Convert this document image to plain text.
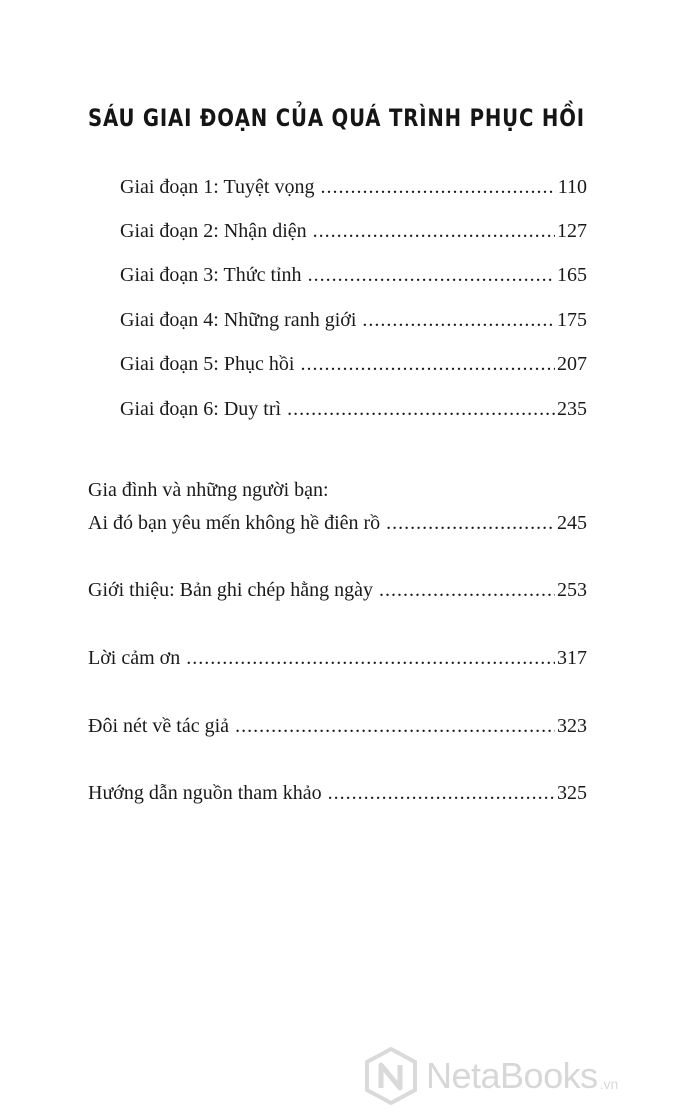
SÁU GIAI ĐOẠN CỦA QUÁ TRÌNH PHỤC HỒI
Giai đoạn 1: Tuyệt vọng .....	110
Giai đoạn 2: Nhận diện .....	127
Giai đoạn 3: Thức tỉnh .....	165
Giai đoạn 4: Những ranh giới .....	175
Giai đoạn 5: Phục hồi .....	207
Giai đoạn 6: Duy trì .....	235
Gia đình và những người bạn:
Ai đó bạn yêu mến không hề điên rồ .....	245
Giới thiệu: Bản ghi chép hằng ngày .....	253
Lời cảm ơn .....	317
Đôi nét về tác giả .....	323
Hướng dẫn nguồn tham khảo .....	325
NetaBooks .vn
